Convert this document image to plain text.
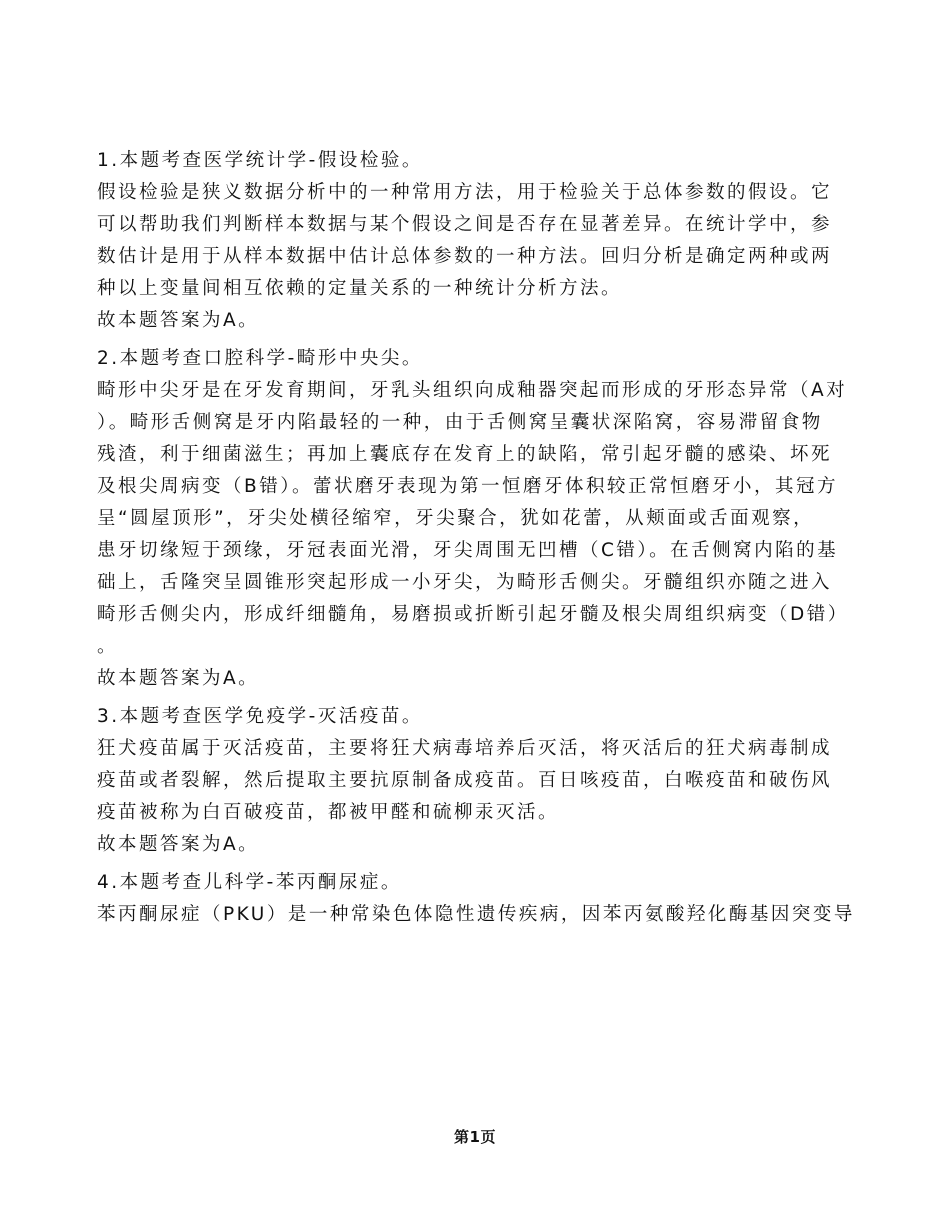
1.本题考查医学统计学-假设检验。

假设检验是狭义数据分析中的一种常用方法，用于检验关于总体参数的假设。它

可以帮助我们判断样本数据与某个假设之间是否存在显著差异。在统计学中，参

数估计是用于从样本数据中估计总体参数的一种方法。回归分析是确定两种或两

种以上变量间相互依赖的定量关系的一种统计分析方法。

故本题答案为A。

2.本题考查口腔科学-畸形中央尖。

畸形中尖牙是在牙发育期间，牙乳头组织向成釉器突起而形成的牙形态异常（A对

）。畸形舌侧窝是牙内陷最轻的一种，由于舌侧窝呈囊状深陷窝，容易滞留食物

残渣，利于细菌滋生；再加上囊底存在发育上的缺陷，常引起牙髓的感染、坏死

及根尖周病变（B错）。蕾状磨牙表现为第一恒磨牙体积较正常恒磨牙小，其冠方

呈“圆屋顶形”，牙尖处横径缩窄，牙尖聚合，犹如花蕾，从颊面或舌面观察，

患牙切缘短于颈缘，牙冠表面光滑，牙尖周围无凹槽（C错）。在舌侧窝内陷的基

础上，舌隆突呈圆锥形突起形成一小牙尖，为畸形舌侧尖。牙髓组织亦随之进入

畸形舌侧尖内，形成纤细髓角，易磨损或折断引起牙髓及根尖周组织病变（D错）

。

故本题答案为A。

3.本题考查医学免疫学-灭活疫苗。

狂犬疫苗属于灭活疫苗，主要将狂犬病毒培养后灭活，将灭活后的狂犬病毒制成

疫苗或者裂解，然后提取主要抗原制备成疫苗。百日咳疫苗，白喉疫苗和破伤风

疫苗被称为白百破疫苗，都被甲醛和硫柳汞灭活。

故本题答案为A。

4.本题考查儿科学-苯丙酮尿症。

苯丙酮尿症（PKU）是一种常染色体隐性遗传疾病，因苯丙氨酸羟化酶基因突变导

第1页
